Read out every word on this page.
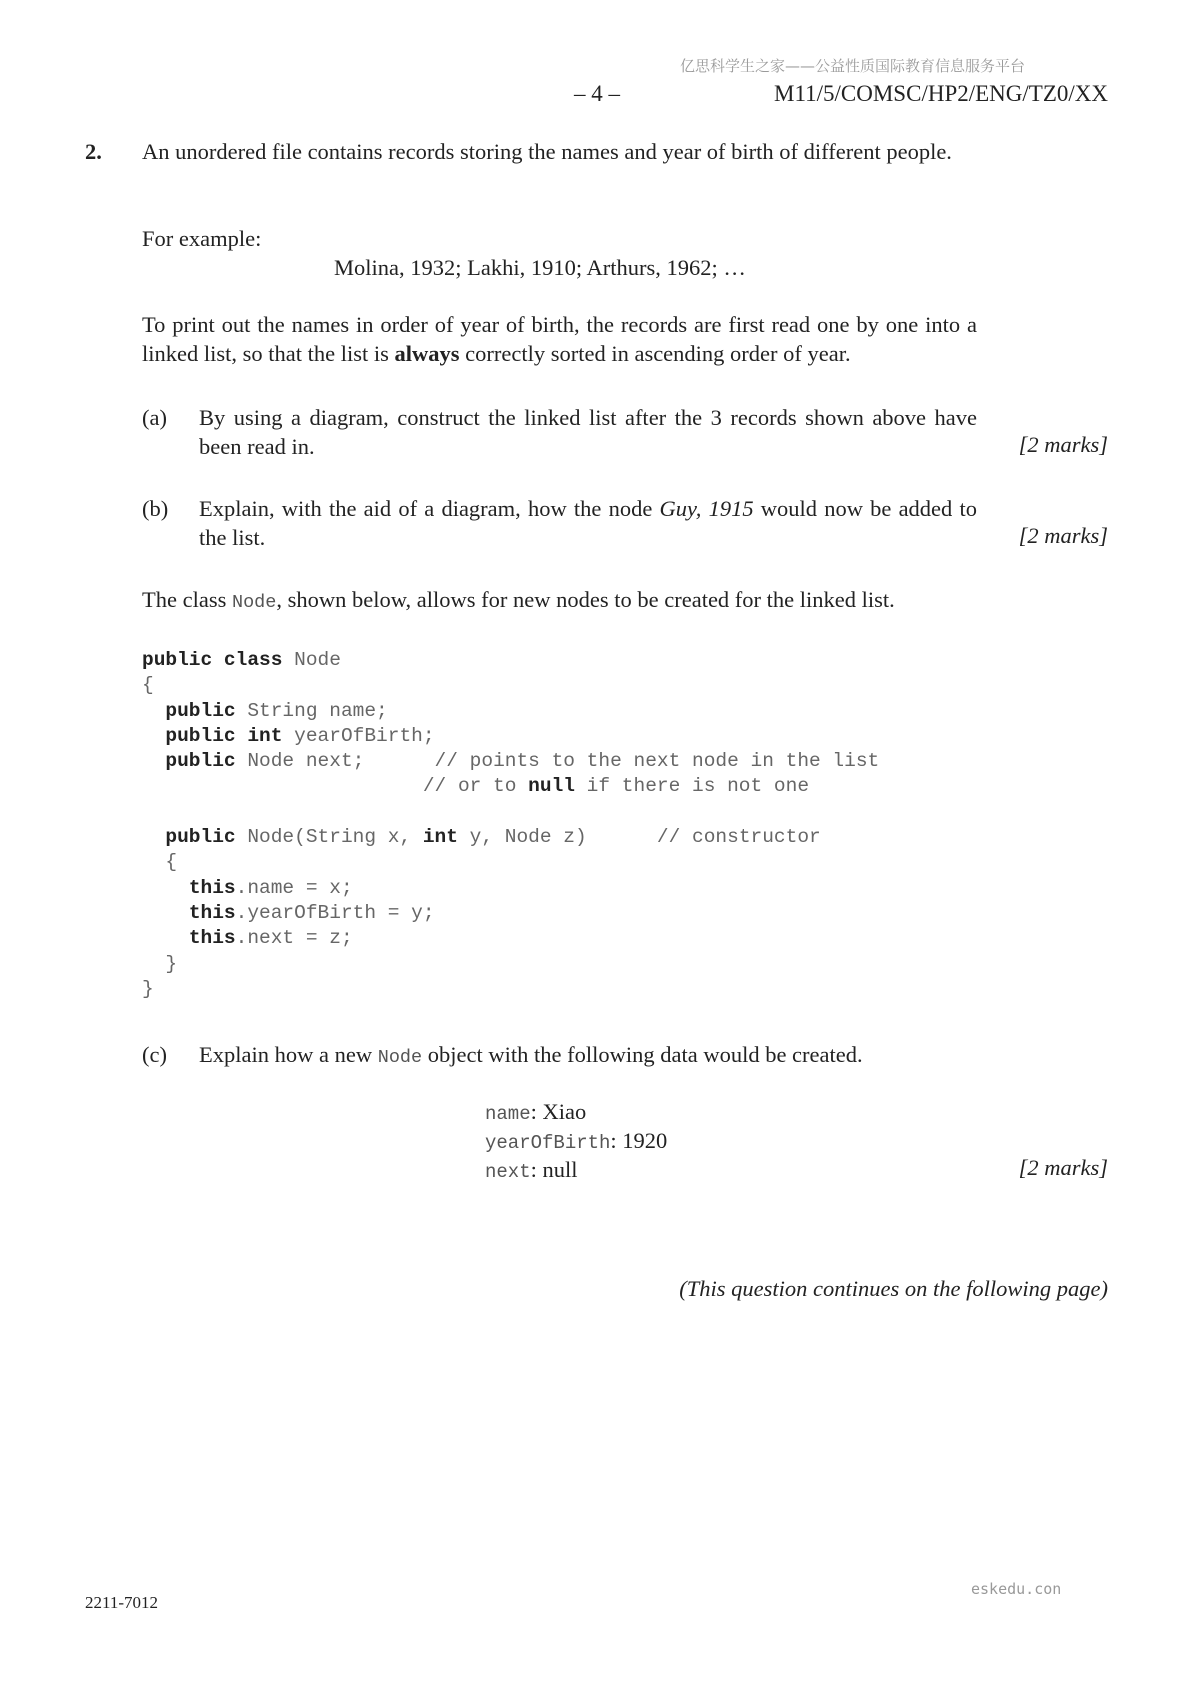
亿思科学生之家——公益性质国际教育信息服务平台
– 4 –	M11/5/COMSC/HP2/ENG/TZ0/XX
2. An unordered file contains records storing the names and year of birth of different people.
For example:
Molina, 1932; Lakhi, 1910; Arthurs, 1962; …
To print out the names in order of year of birth, the records are first read one by one into a linked list, so that the list is always correctly sorted in ascending order of year.
(a) By using a diagram, construct the linked list after the 3 records shown above have been read in.	[2 marks]
(b) Explain, with the aid of a diagram, how the node Guy, 1915 would now be added to the list.	[2 marks]
The class Node, shown below, allows for new nodes to be created for the linked list.
public class Node
{
public String name;
public int yearOfBirth;
public Node next;      // points to the next node in the list
// or to null if there is not one
public Node(String x, int y, Node z)      // constructor
{
this.name = x;
this.yearOfBirth = y;
this.next = z;
}
}
(c) Explain how a new Node object with the following data would be created.
name: Xiao
yearOfBirth: 1920
next: null	[2 marks]
(This question continues on the following page)
eskedu.con
2211-7012
